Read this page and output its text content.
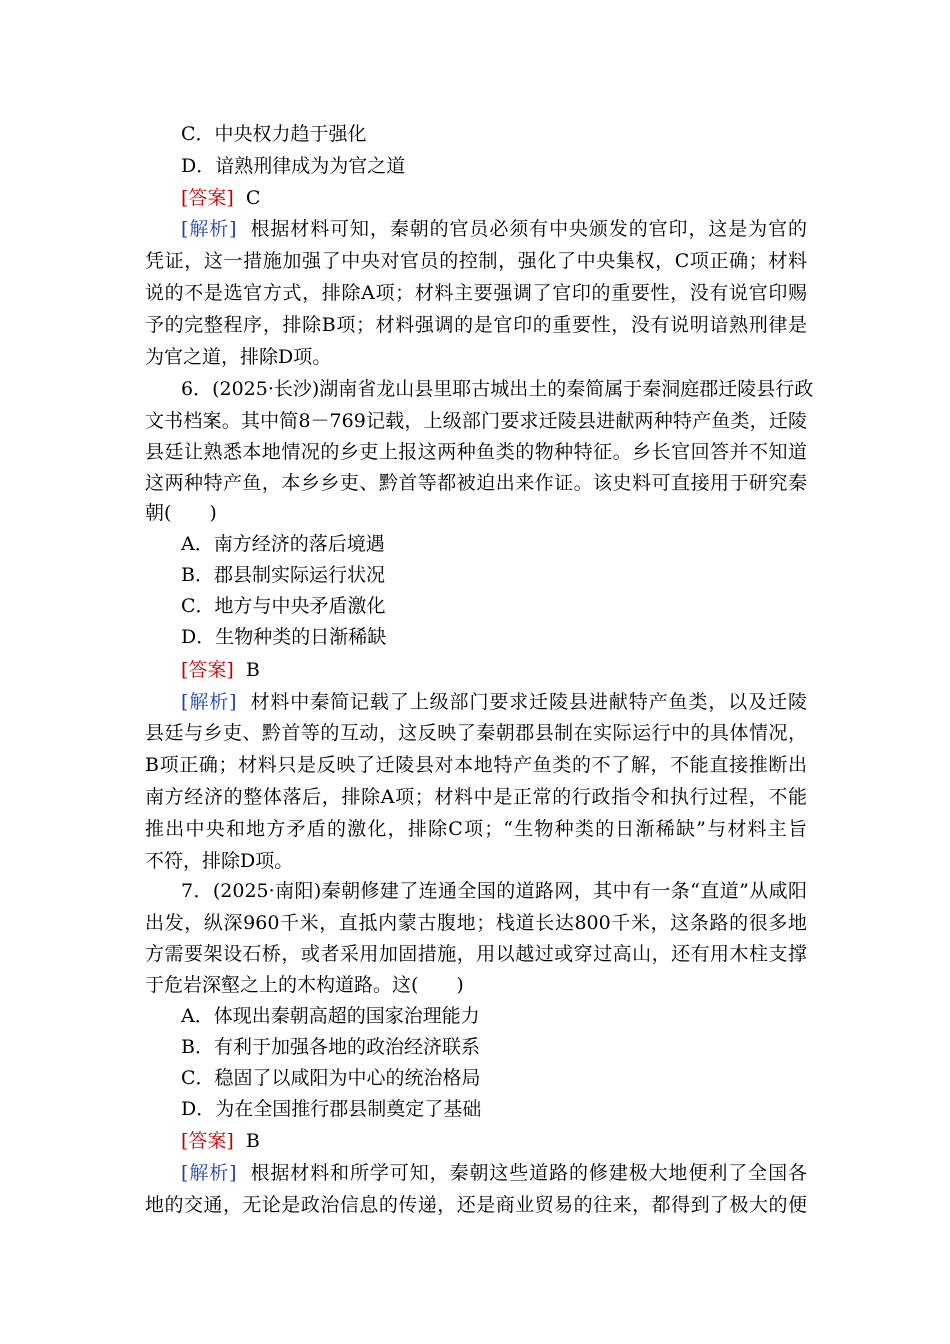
C．中央权力趋于强化
D．谙熟刑律成为为官之道
[答案] C
[解析] 根据材料可知，秦朝的官员必须有中央颁发的官印，这是为官的
凭证，这一措施加强了中央对官员的控制，强化了中央集权，C项正确；材料
说的不是选官方式，排除A项；材料主要强调了官印的重要性，没有说官印赐
予的完整程序，排除B项；材料强调的是官印的重要性，没有说明谙熟刑律是
为官之道，排除D项。
6．(2025·长沙)湖南省龙山县里耶古城出土的秦简属于秦洞庭郡迁陵县行政
文书档案。其中简8－769记载，上级部门要求迁陵县进献两种特产鱼类，迁陵
县廷让熟悉本地情况的乡吏上报这两种鱼类的物种特征。乡长官回答并不知道
这两种特产鱼，本乡乡吏、黔首等都被迫出来作证。该史料可直接用于研究秦
朝(　　)
A．南方经济的落后境遇
B．郡县制实际运行状况
C．地方与中央矛盾激化
D．生物种类的日渐稀缺
[答案] B
[解析] 材料中秦简记载了上级部门要求迁陵县进献特产鱼类，以及迁陵
县廷与乡吏、黔首等的互动，这反映了秦朝郡县制在实际运行中的具体情况，
B项正确；材料只是反映了迁陵县对本地特产鱼类的不了解，不能直接推断出
南方经济的整体落后，排除A项；材料中是正常的行政指令和执行过程，不能
推出中央和地方矛盾的激化，排除C项；“生物种类的日渐稀缺”与材料主旨
不符，排除D项。
7．(2025·南阳)秦朝修建了连通全国的道路网，其中有一条“直道”从咸阳
出发，纵深960千米，直抵内蒙古腹地；栈道长达800千米，这条路的很多地
方需要架设石桥，或者采用加固措施，用以越过或穿过高山，还有用木柱支撑
于危岩深壑之上的木构道路。这(　　)
A．体现出秦朝高超的国家治理能力
B．有利于加强各地的政治经济联系
C．稳固了以咸阳为中心的统治格局
D．为在全国推行郡县制奠定了基础
[答案] B
[解析] 根据材料和所学可知，秦朝这些道路的修建极大地便利了全国各
地的交通，无论是政治信息的传递，还是商业贸易的往来，都得到了极大的便
